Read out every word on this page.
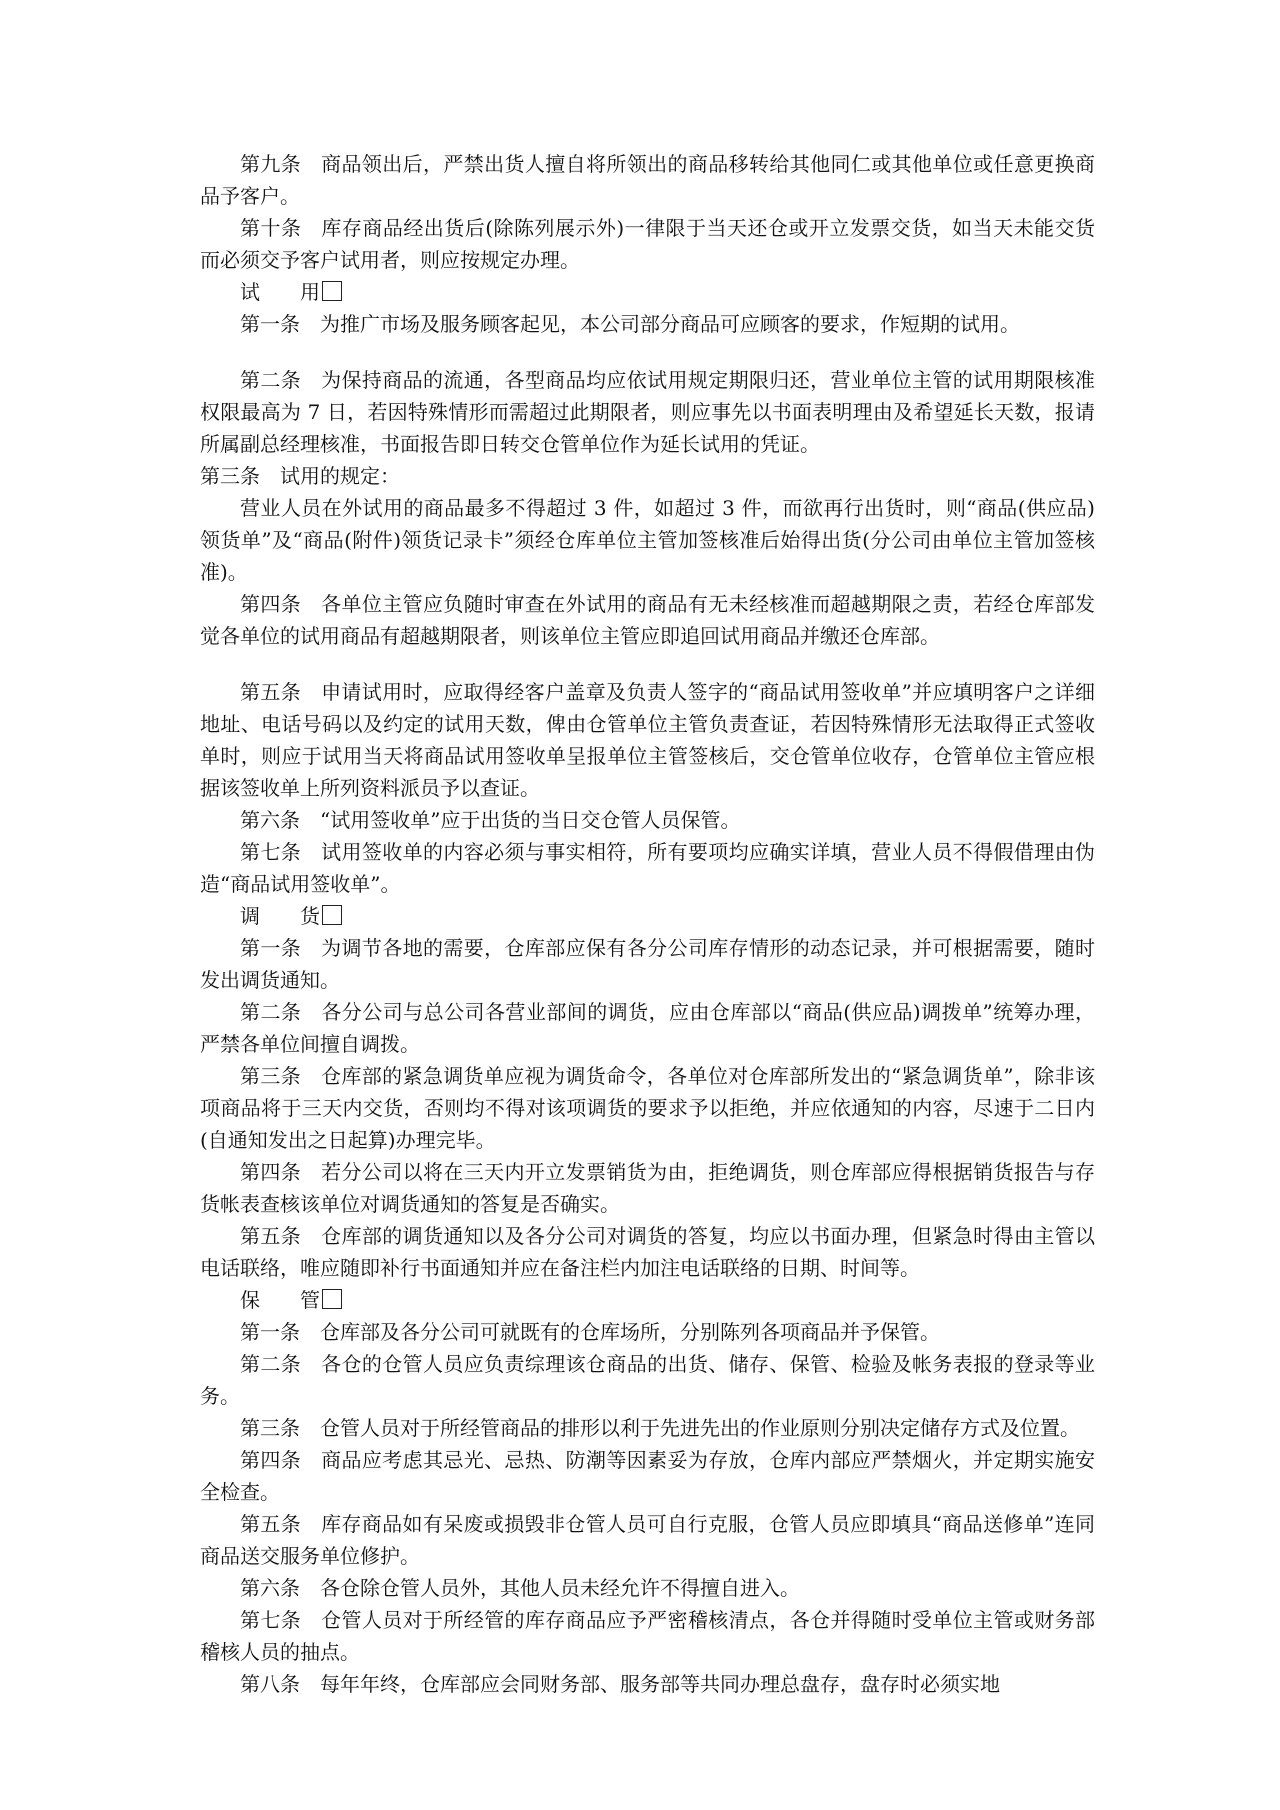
第九条 商品领出后，严禁出货人擅自将所领出的商品移转给其他同仁或其他单位或任意更换商品予客户。

第十条 库存商品经出货后(除陈列展示外)一律限于当天还仓或开立发票交货，如当天未能交货而必须交予客户试用者，则应按规定办理。

试 用

第一条 为推广市场及服务顾客起见，本公司部分商品可应顾客的要求，作短期的试用。

第二条 为保持商品的流通，各型商品均应依试用规定期限归还，营业单位主管的试用期限核准权限最高为 7 日，若因特殊情形而需超过此期限者，则应事先以书面表明理由及希望延长天数，报请所属副总经理核准，书面报告即日转交仓管单位作为延长试用的凭证。

第三条 试用的规定：

营业人员在外试用的商品最多不得超过 3 件，如超过 3 件，而欲再行出货时，则“商品(供应品)领货单”及“商品(附件)领货记录卡”须经仓库单位主管加签核准后始得出货(分公司由单位主管加签核准)。

第四条 各单位主管应负随时审查在外试用的商品有无未经核准而超越期限之责，若经仓库部发觉各单位的试用商品有超越期限者，则该单位主管应即追回试用商品并缴还仓库部。

第五条 申请试用时，应取得经客户盖章及负责人签字的“商品试用签收单”并应填明客户之详细地址、电话号码以及约定的试用天数，俾由仓管单位主管负责查证，若因特殊情形无法取得正式签收单时，则应于试用当天将商品试用签收单呈报单位主管签核后，交仓管单位收存，仓管单位主管应根据该签收单上所列资料派员予以查证。

第六条 “试用签收单”应于出货的当日交仓管人员保管。

第七条 试用签收单的内容必须与事实相符，所有要项均应确实详填，营业人员不得假借理由伪造“商品试用签收单”。

调 货

第一条 为调节各地的需要，仓库部应保有各分公司库存情形的动态记录，并可根据需要，随时发出调货通知。

第二条 各分公司与总公司各营业部间的调货，应由仓库部以“商品(供应品)调拨单”统筹办理，严禁各单位间擅自调拨。

第三条 仓库部的紧急调货单应视为调货命令，各单位对仓库部所发出的“紧急调货单”，除非该项商品将于三天内交货，否则均不得对该项调货的要求予以拒绝，并应依通知的内容，尽速于二日内(自通知发出之日起算)办理完毕。

第四条 若分公司以将在三天内开立发票销货为由，拒绝调货，则仓库部应得根据销货报告与存货帐表查核该单位对调货通知的答复是否确实。

第五条 仓库部的调货通知以及各分公司对调货的答复，均应以书面办理，但紧急时得由主管以电话联络，唯应随即补行书面通知并应在备注栏内加注电话联络的日期、时间等。

保 管

第一条 仓库部及各分公司可就既有的仓库场所，分别陈列各项商品并予保管。

第二条 各仓的仓管人员应负责综理该仓商品的出货、储存、保管、检验及帐务表报的登录等业务。

第三条 仓管人员对于所经管商品的排形以利于先进先出的作业原则分别决定储存方式及位置。

第四条 商品应考虑其忌光、忌热、防潮等因素妥为存放，仓库内部应严禁烟火，并定期实施安全检查。

第五条 库存商品如有呆废或损毁非仓管人员可自行克服，仓管人员应即填具“商品送修单”连同商品送交服务单位修护。

第六条 各仓除仓管人员外，其他人员未经允许不得擅自进入。

第七条 仓管人员对于所经管的库存商品应予严密稽核清点，各仓并得随时受单位主管或财务部稽核人员的抽点。

第八条 每年年终，仓库部应会同财务部、服务部等共同办理总盘存，盘存时必须实地
